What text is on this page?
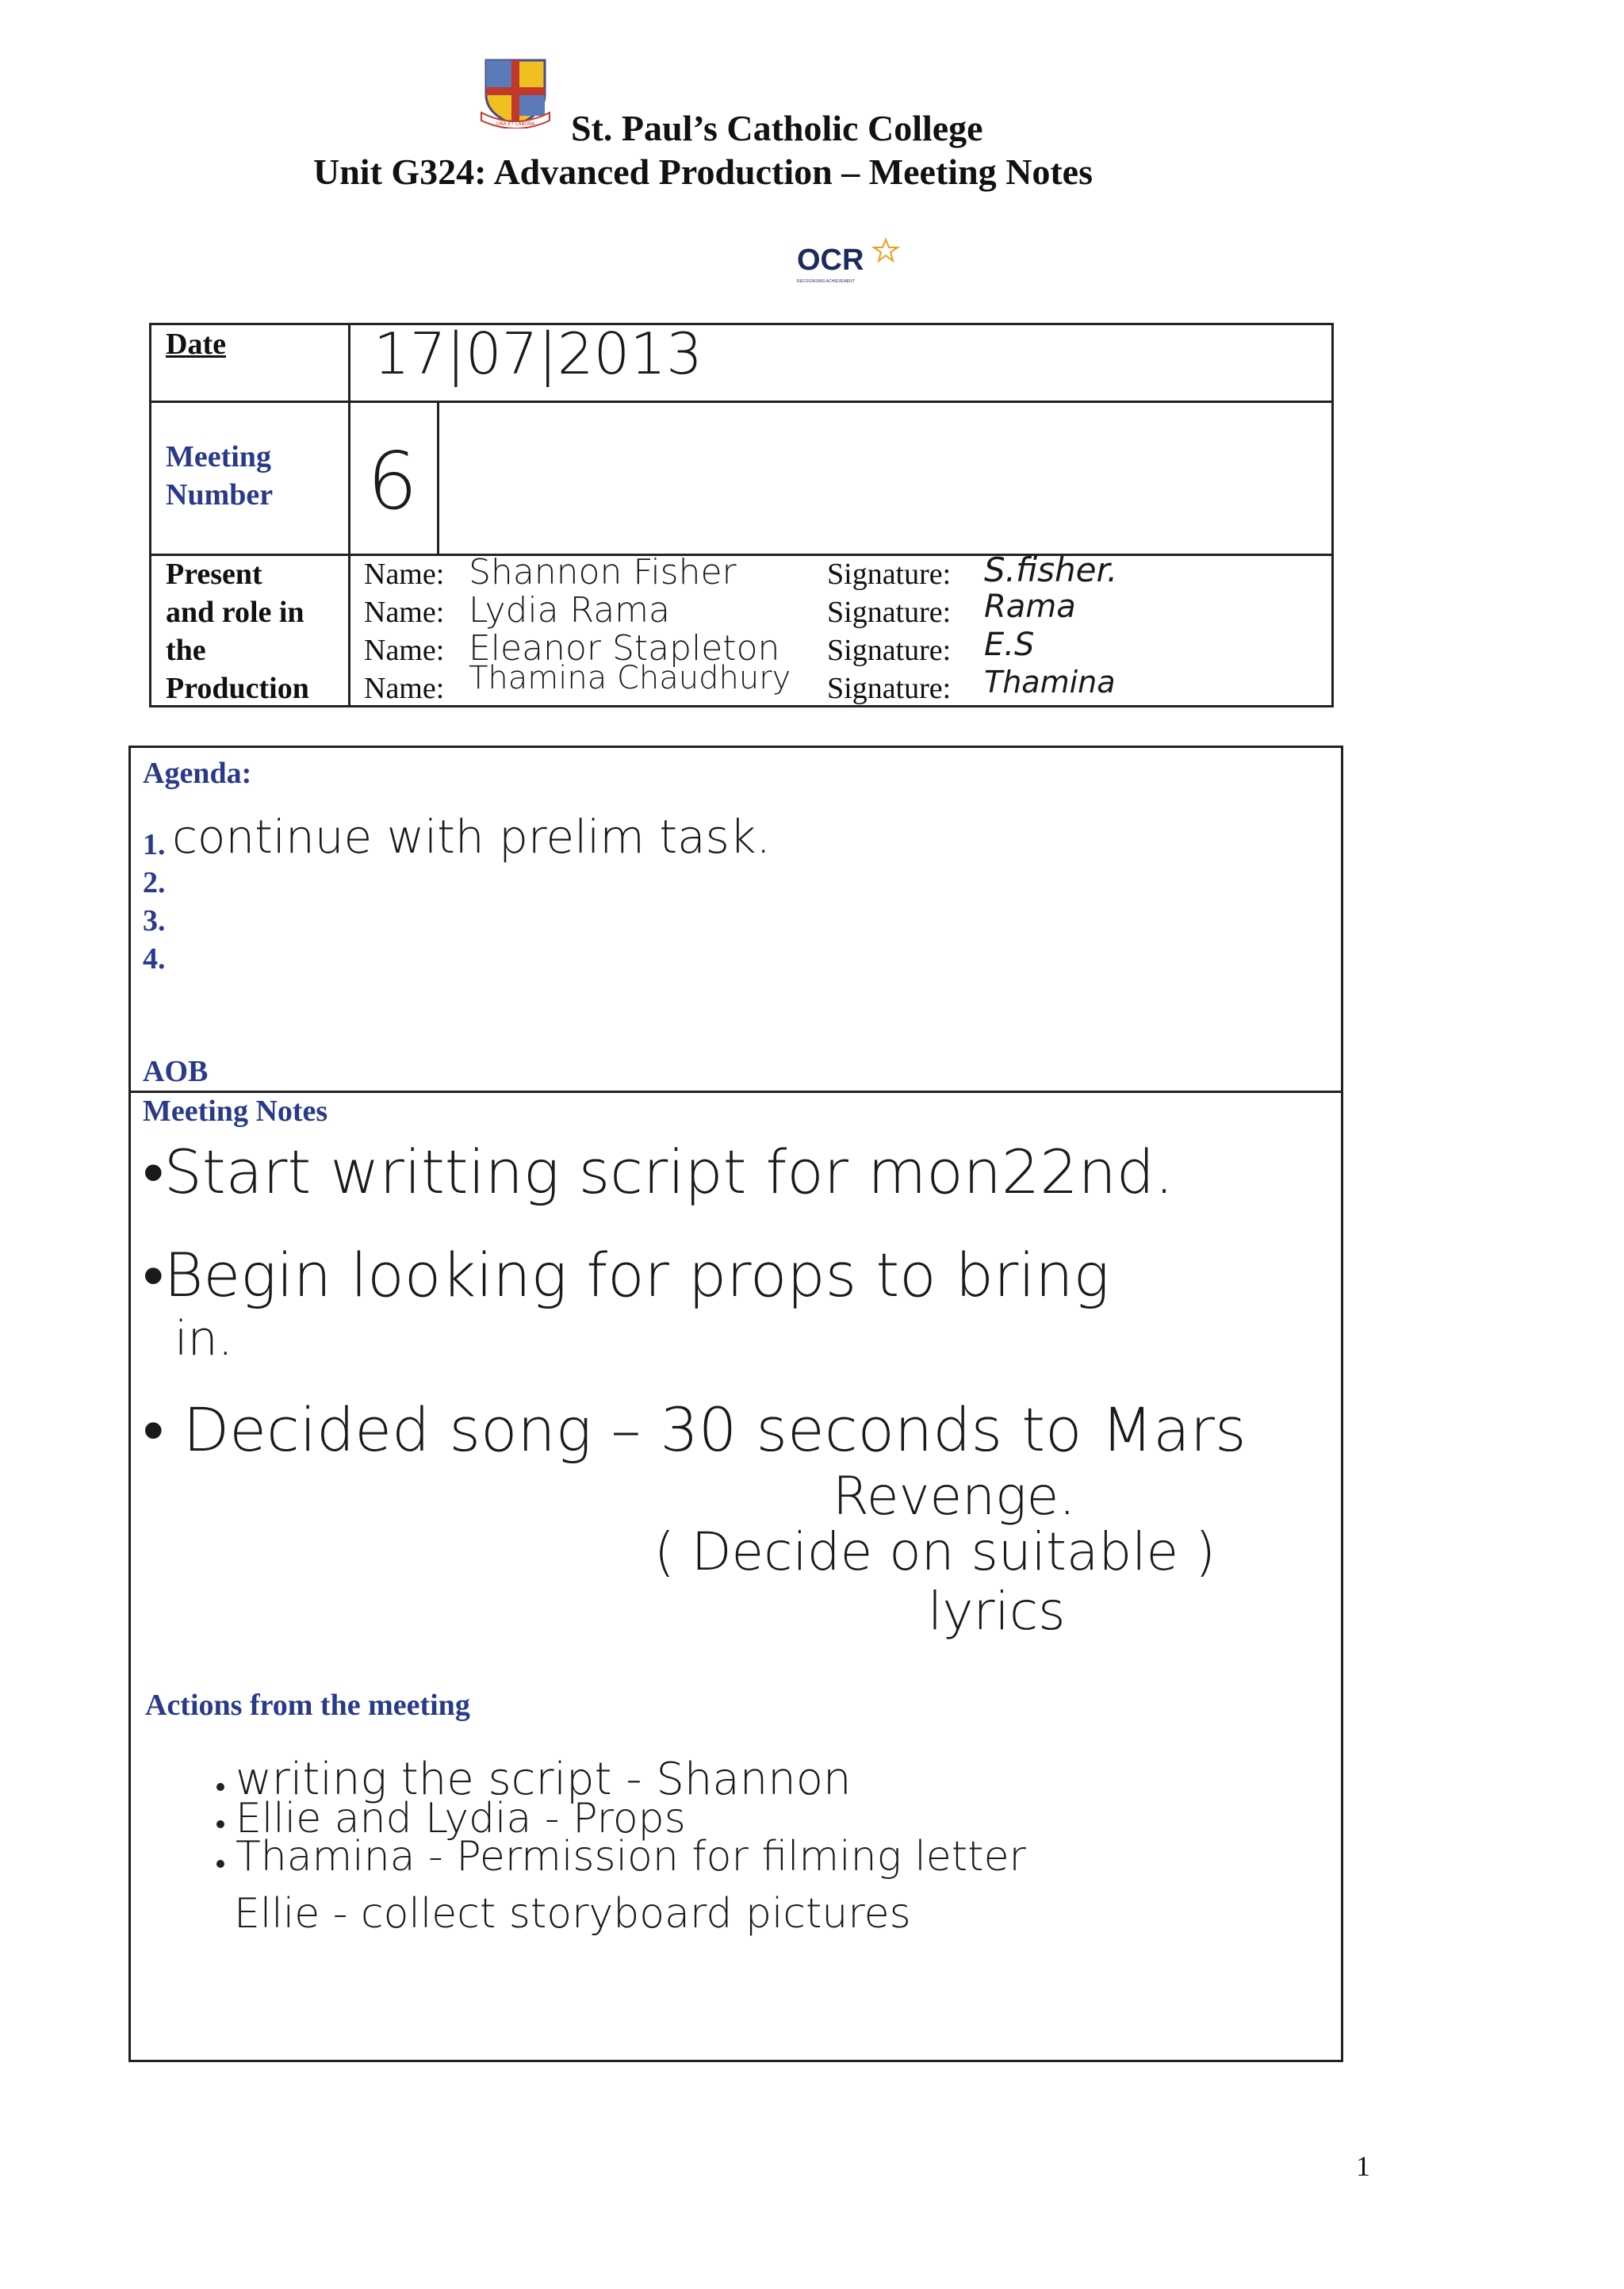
ORA ET LABORA St. Paul’s Catholic College
Unit G324: Advanced Production – Meeting Notes
OCR
RECOGNISING ACHIEVEMENT
Date	17|07|2013
Meeting
Number 6
Present
and role in
the
Production
Name: Shannon Fisher	Signature: S.fisher.
Name: Lydia Rama	Signature: Rama
Name: Eleanor Stapleton Signature: E.S
Name: Thamina Chaudhury Signature: Thamina
Agenda:
1. continue with prelim task.
2.
3.
4.
AOB
Meeting Notes
•Start writting script for mon22nd.
•Begin looking for props to bring
in.
• Decided song – 30 seconds to Mars
Revenge.
( Decide on suitable )
lyrics
Actions from the meeting
writing the script - Shannon
Ellie and Lydia - Props
Thamina - Permission for filming letter
Ellie - collect storyboard pictures
1
